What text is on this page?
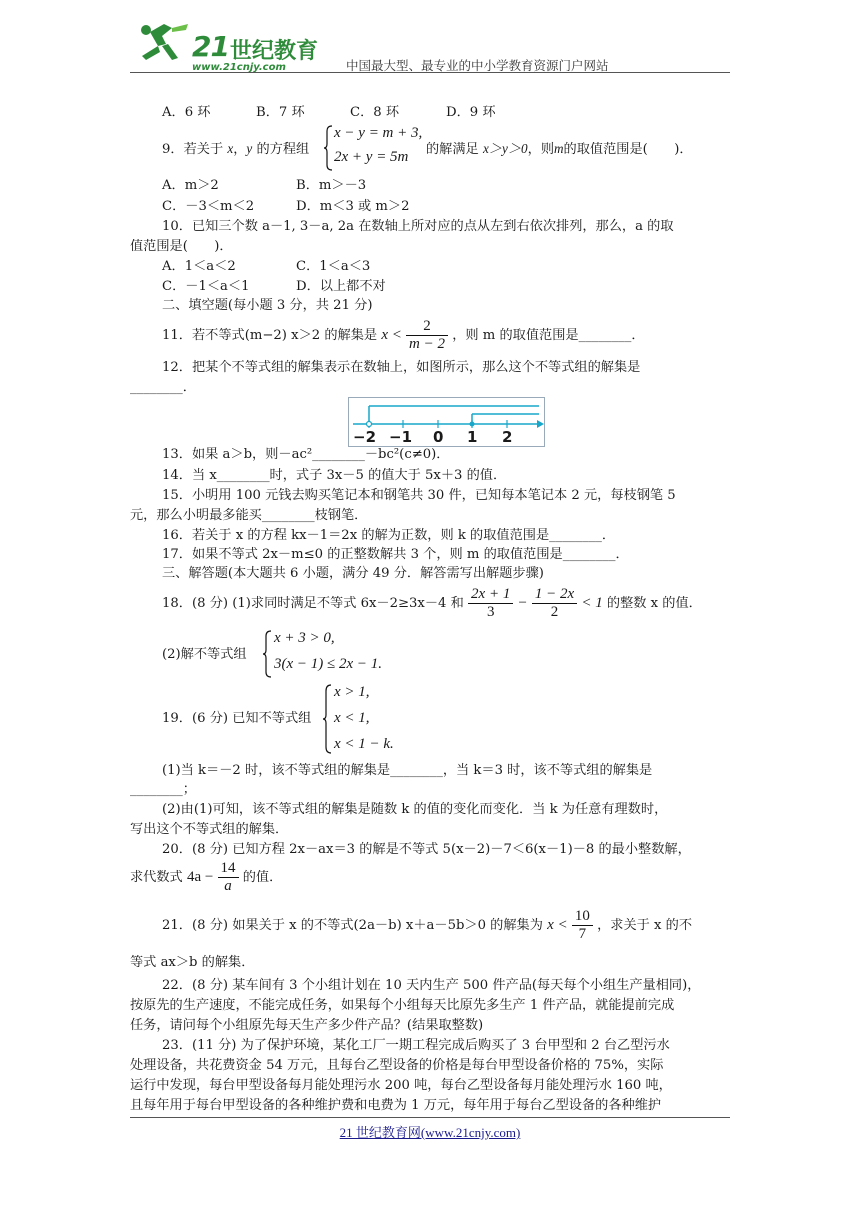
21 世纪教育
www.21cnjy.com	中国最大型、最专业的中小学教育资源门户网站
A．6 环	B．7 环	C．8 环	D．9 环
9．若关于 x，y 的方程组
x − y = m + 3,
2x + y = 5m 的解满足 x＞y＞0，则m的取值范围是(　　)．
A．m＞2	B．m＞－3
C．－3＜m＜2	D．m＜3 或 m＞2
10．已知三个数 a－1, 3－a, 2a 在数轴上所对应的点从左到右依次排列，那么，a 的取
值范围是(　　)．
A．1＜a＜2	C．1＜a＜3
C．－1＜a＜1	D．以上都不对
二、填空题(每小题 3 分，共 21 分)
11．若不等式(m−2) x＞2 的解集是 $x < \frac{2}{m - 2}$ ，则 m 的取值范围是________．
12．把某个不等式组的解集表示在数轴上，如图所示，那么这个不等式组的解集是
________．
−2 −1 0 1 2
13．如果 a＞b，则－ac²________－bc²(c≠0)．
14．当 x________时，式子 3x－5 的值大于 5x＋3 的值．
15．小明用 100 元钱去购买笔记本和钢笔共 30 件，已知每本笔记本 2 元，每枝钢笔 5
元，那么小明最多能买________枝钢笔．
16．若关于 x 的方程 kx－1＝2x 的解为正数，则 k 的取值范围是________．
17．如果不等式 2x－m≤0 的正整数解共 3 个，则 m 的取值范围是________．
三、解答题(本大题共 6 小题，满分 49 分．解答需写出解题步骤)
18．(8 分) (1)求同时满足不等式 6x－2≥3x－4 和 $\frac{2x + 1}{3} - \frac{1 - 2x}{2} < 1$ 的整数 x 的值．
(2)解不等式组
x + 3 > 0,
3(x − 1) ≤ 2x − 1.
19．(6 分) 已知不等式组
x > 1,
x < 1,
x < 1 − k.
(1)当 k＝－2 时，该不等式组的解集是________，当 k＝3 时，该不等式组的解集是
________；
(2)由(1)可知，该不等式组的解集是随数 k 的值的变化而变化．当 k 为任意有理数时，
写出这个不等式组的解集．
20．(8 分) 已知方程 2x－ax＝3 的解是不等式 5(x－2)－7＜6(x－1)－8 的最小整数解，
求代数式 $4a - \frac{14}{a}$ 的值．
21．(8 分) 如果关于 x 的不等式(2a－b) x＋a－5b＞0 的解集为 $x < \frac{10}{7}$ ，求关于 x 的不
等式 ax＞b 的解集．
22．(8 分) 某车间有 3 个小组计划在 10 天内生产 500 件产品(每天每个小组生产量相同)，
按原先的生产速度，不能完成任务，如果每个小组每天比原先多生产 1 件产品，就能提前完成
任务，请问每个小组原先每天生产多少件产品？(结果取整数)
23．(11 分) 为了保护环境，某化工厂一期工程完成后购买了 3 台甲型和 2 台乙型污水
处理设备，共花费资金 54 万元，且每台乙型设备的价格是每台甲型设备价格的 75%，实际
运行中发现，每台甲型设备每月能处理污水 200 吨，每台乙型设备每月能处理污水 160 吨，
且每年用于每台甲型设备的各种维护费和电费为 1 万元，每年用于每台乙型设备的各种维护
21 世纪教育网(www.21cnjy.com)
